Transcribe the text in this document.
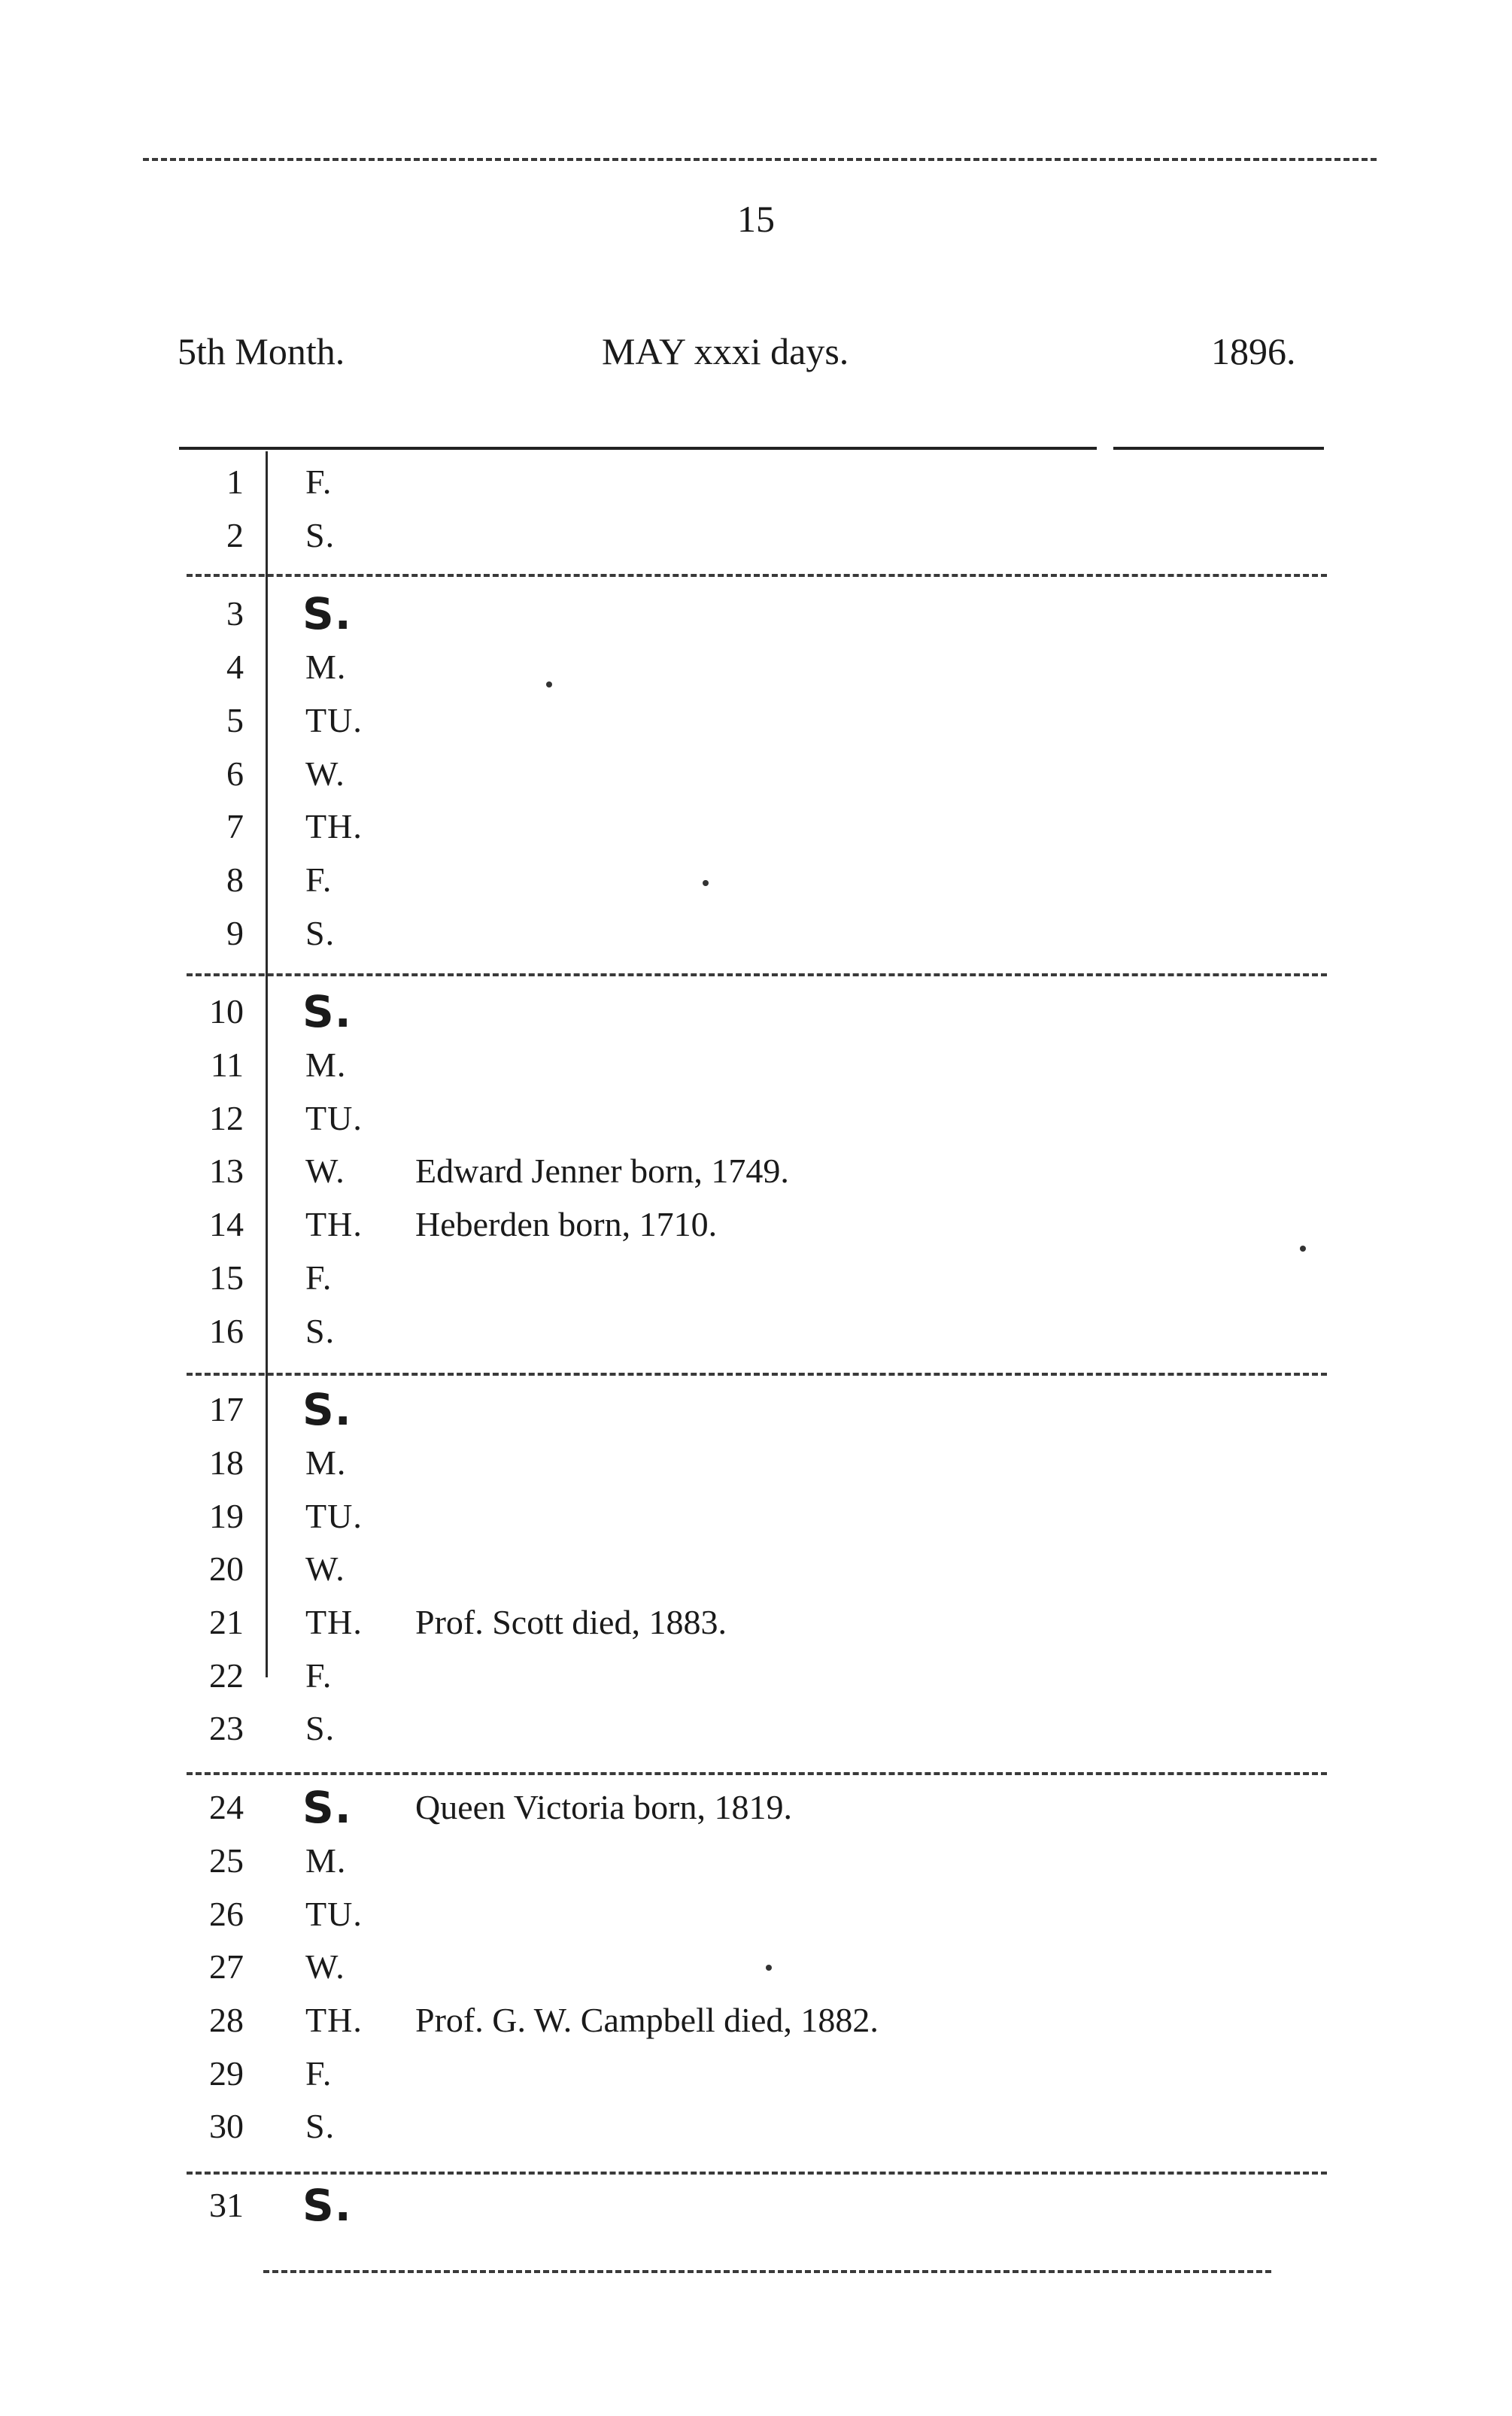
15
5th Month.	MAY xxxi days.	1896.
1 F.
2 S.
3 S.
4 M.
5 TU.
6 W.
7 TH.
8 F.
9 S.
10 S.
11 M.
12 TU.
13 W. Edward Jenner born, 1749.
14 TH. Heberden born, 1710.
15 F.
16 S.
17 S.
18 M.
19 TU.
20 W.
21 TH. Prof. Scott died, 1883.
22 F.
23 S.
24 S. Queen Victoria born, 1819.
25 M.
26 TU.
27 W.
28 TH. Prof. G. W. Campbell died, 1882.
29 F.
30 S.
31 S.
